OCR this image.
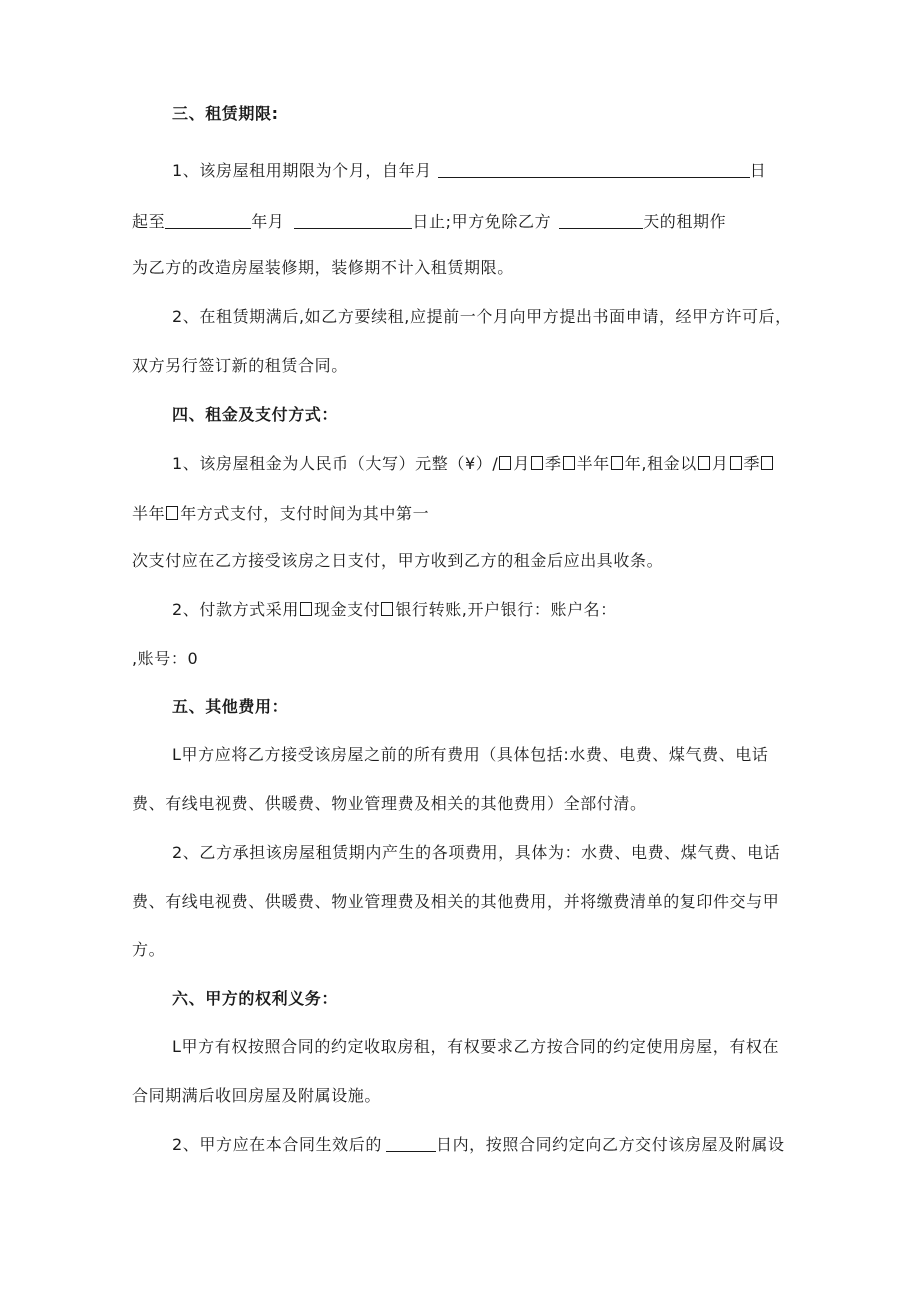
三、租赁期限:
1、该房屋租用期限为个月，自年月	日
起至	年月	日止;甲方免除乙方	天的租期作
为乙方的改造房屋装修期，装修期不计入租赁期限。
2、在租赁期满后,如乙方要续租,应提前一个月向甲方提出书面申请，经甲方许可后，
双方另行签订新的租赁合同。
四、租金及支付方式：
1、该房屋租金为人民币（大写）元整（¥）/ 月 季 半年 年,租金以 月 季
半年 年方式支付，支付时间为其中第一
次支付应在乙方接受该房之日支付，甲方收到乙方的租金后应出具收条。
2、付款方式采用 现金支付 银行转账,开户银行：账户名：
,账号：0
五、其他费用：
L甲方应将乙方接受该房屋之前的所有费用（具体包括:水费、电费、煤气费、电话
费、有线电视费、供暖费、物业管理费及相关的其他费用）全部付清。
2、乙方承担该房屋租赁期内产生的各项费用，具体为：水费、电费、煤气费、电话
费、有线电视费、供暖费、物业管理费及相关的其他费用，并将缴费清单的复印件交与甲
方。
六、甲方的权利义务：
L甲方有权按照合同的约定收取房租，有权要求乙方按合同的约定使用房屋，有权在
合同期满后收回房屋及附属设施。
2、甲方应在本合同生效后的	日内，按照合同约定向乙方交付该房屋及附属设
